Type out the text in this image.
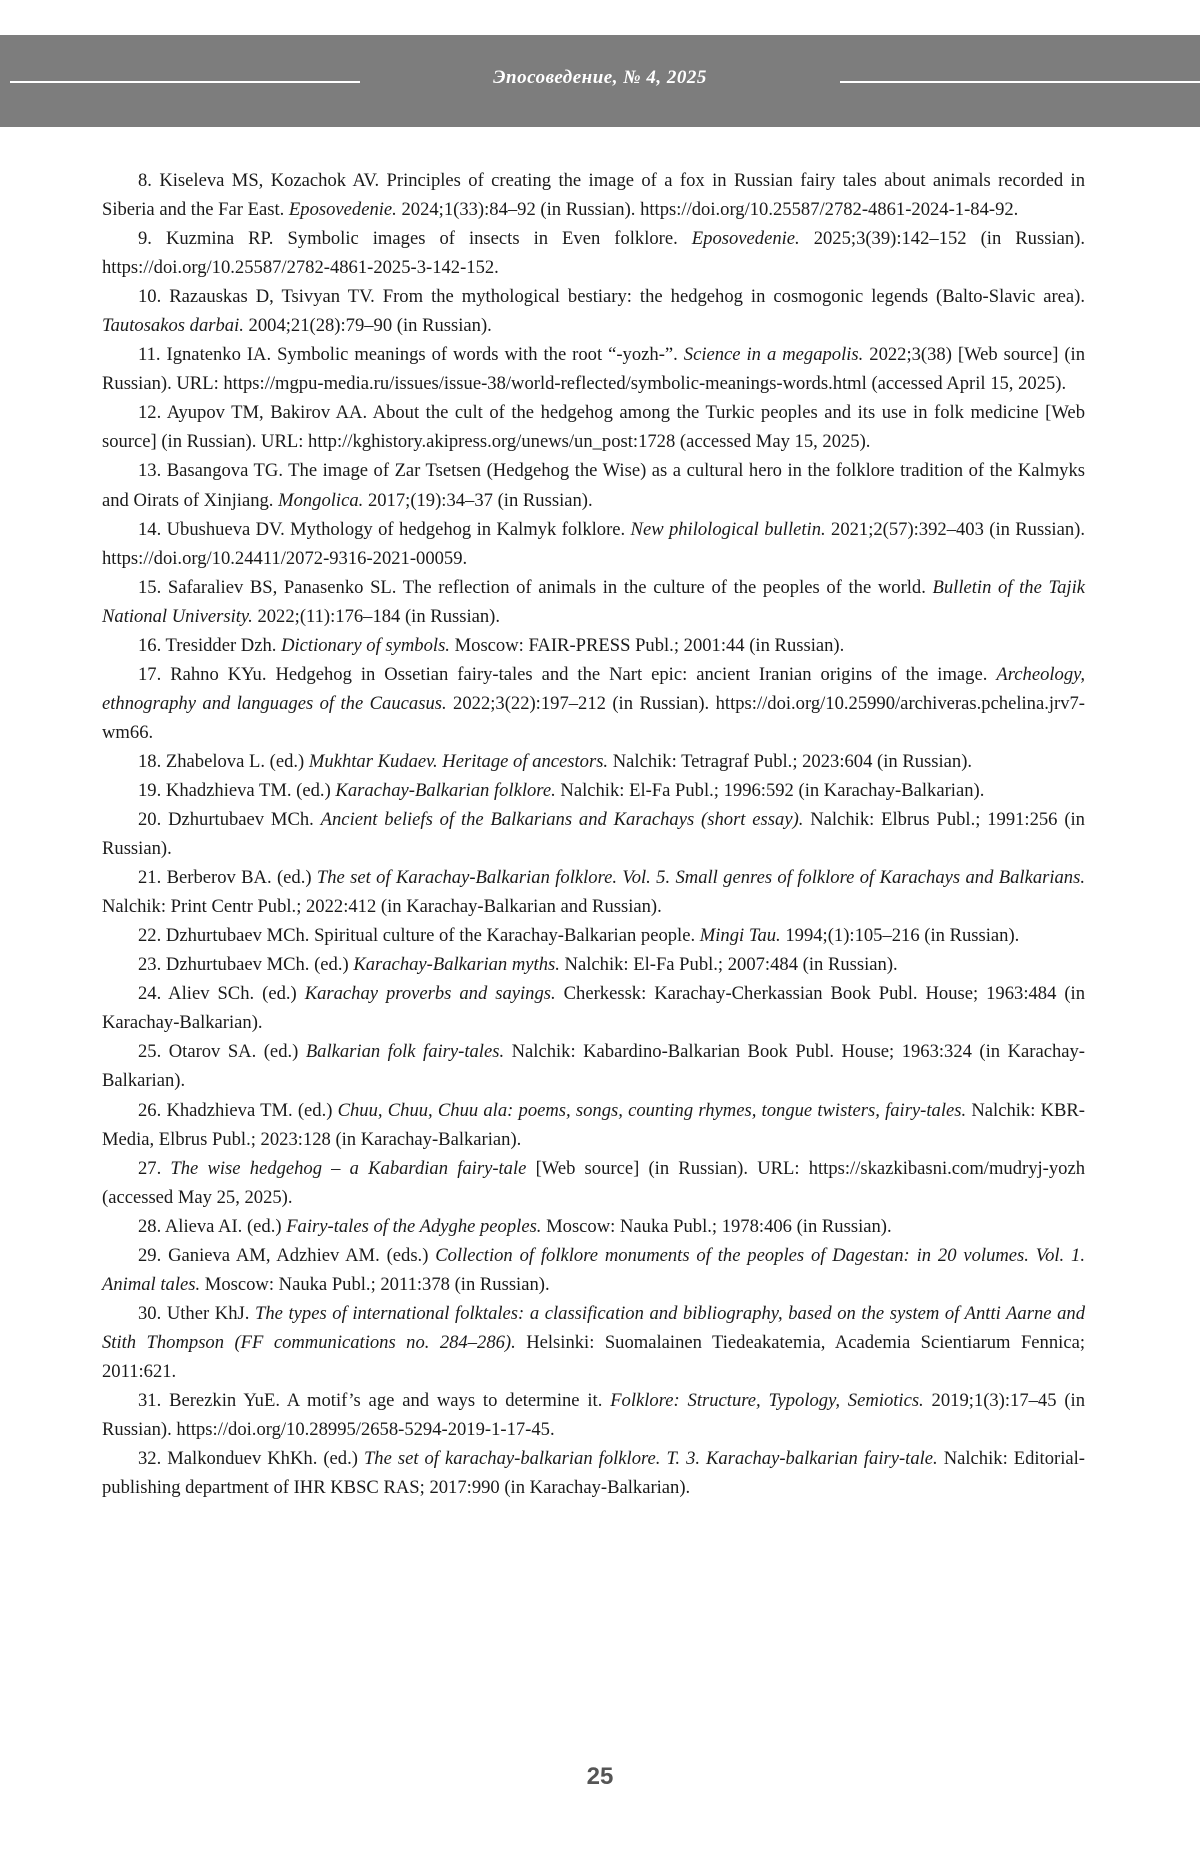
Эпосоведение, № 4, 2025

8. Kiseleva MS, Kozachok AV. Principles of creating the image of a fox in Russian fairy tales about animals recorded in Siberia and the Far East. Eposovedenie. 2024;1(33):84–92 (in Russian). https://doi.org/10.25587/2782-4861-2024-1-84-92.

9. Kuzmina RP. Symbolic images of insects in Even folklore. Eposovedenie. 2025;3(39):142–152 (in Russian). https://doi.org/10.25587/2782-4861-2025-3-142-152.

10. Razauskas D, Tsivyan TV. From the mythological bestiary: the hedgehog in cosmogonic legends (Balto-Slavic area). Tautosakos darbai. 2004;21(28):79–90 (in Russian).

11. Ignatenko IA. Symbolic meanings of words with the root “-yozh-”. Science in a megapolis. 2022;3(38) [Web source] (in Russian). URL: https://mgpu-media.ru/issues/issue-38/world-reflected/symbolic-meanings-words.html (accessed April 15, 2025).

12. Ayupov TM, Bakirov AA. About the cult of the hedgehog among the Turkic peoples and its use in folk medicine [Web source] (in Russian). URL: http://kghistory.akipress.org/unews/un_post:1728 (accessed May 15, 2025).

13. Basangova TG. The image of Zar Tsetsen (Hedgehog the Wise) as a cultural hero in the folklore tradition of the Kalmyks and Oirats of Xinjiang. Mongolica. 2017;(19):34–37 (in Russian).

14. Ubushueva DV. Mythology of hedgehog in Kalmyk folklore. New philological bulletin. 2021;2(57):392–403 (in Russian). https://doi.org/10.24411/2072-9316-2021-00059.

15. Safaraliev BS, Panasenko SL. The reflection of animals in the culture of the peoples of the world. Bulletin of the Tajik National University. 2022;(11):176–184 (in Russian).

16. Tresidder Dzh. Dictionary of symbols. Moscow: FAIR-PRESS Publ.; 2001:44 (in Russian).

17. Rahno KYu. Hedgehog in Ossetian fairy-tales and the Nart epic: ancient Iranian origins of the image. Archeology, ethnography and languages of the Caucasus. 2022;3(22):197–212 (in Russian). https://doi.org/10.25990/archiveras.pchelina.jrv7-wm66.

18. Zhabelova L. (ed.) Mukhtar Kudaev. Heritage of ancestors. Nalchik: Tetragraf Publ.; 2023:604 (in Russian).

19. Khadzhieva TM. (ed.) Karachay-Balkarian folklore. Nalchik: El-Fa Publ.; 1996:592 (in Karachay-Balkarian).

20. Dzhurtubaev MCh. Ancient beliefs of the Balkarians and Karachays (short essay). Nalchik: Elbrus Publ.; 1991:256 (in Russian).

21. Berberov BA. (ed.) The set of Karachay-Balkarian folklore. Vol. 5. Small genres of folklore of Karachays and Balkarians. Nalchik: Print Centr Publ.; 2022:412 (in Karachay-Balkarian and Russian).

22. Dzhurtubaev MCh. Spiritual culture of the Karachay-Balkarian people. Mingi Tau. 1994;(1):105–216 (in Russian).

23. Dzhurtubaev MCh. (ed.) Karachay-Balkarian myths. Nalchik: El-Fa Publ.; 2007:484 (in Russian).

24. Aliev SCh. (ed.) Karachay proverbs and sayings. Cherkessk: Karachay-Cherkassian Book Publ. House; 1963:484 (in Karachay-Balkarian).

25. Otarov SA. (ed.) Balkarian folk fairy-tales. Nalchik: Kabardino-Balkarian Book Publ. House; 1963:324 (in Karachay-Balkarian).

26. Khadzhieva TM. (ed.) Chuu, Chuu, Chuu ala: poems, songs, counting rhymes, tongue twisters, fairy-tales. Nalchik: KBR-Media, Elbrus Publ.; 2023:128 (in Karachay-Balkarian).

27. The wise hedgehog – a Kabardian fairy-tale [Web source] (in Russian). URL: https://skazkibasni.com/mudryj-yozh (accessed May 25, 2025).

28. Alieva AI. (ed.) Fairy-tales of the Adyghe peoples. Moscow: Nauka Publ.; 1978:406 (in Russian).

29. Ganieva AM, Adzhiev AM. (eds.) Collection of folklore monuments of the peoples of Dagestan: in 20 volumes. Vol. 1. Animal tales. Moscow: Nauka Publ.; 2011:378 (in Russian).

30. Uther KhJ. The types of international folktales: a classification and bibliography, based on the system of Antti Aarne and Stith Thompson (FF communications no. 284–286). Helsinki: Suomalainen Tiedeakatemia, Academia Scientiarum Fennica; 2011:621.

31. Berezkin YuE. A motif’s age and ways to determine it. Folklore: Structure, Typology, Semiotics. 2019;1(3):17–45 (in Russian). https://doi.org/10.28995/2658-5294-2019-1-17-45.

32. Malkonduev KhKh. (ed.) The set of karachay-balkarian folklore. T. 3. Karachay-balkarian fairy-tale. Nalchik: Editorial-publishing department of IHR KBSC RAS; 2017:990 (in Karachay-Balkarian).

25
